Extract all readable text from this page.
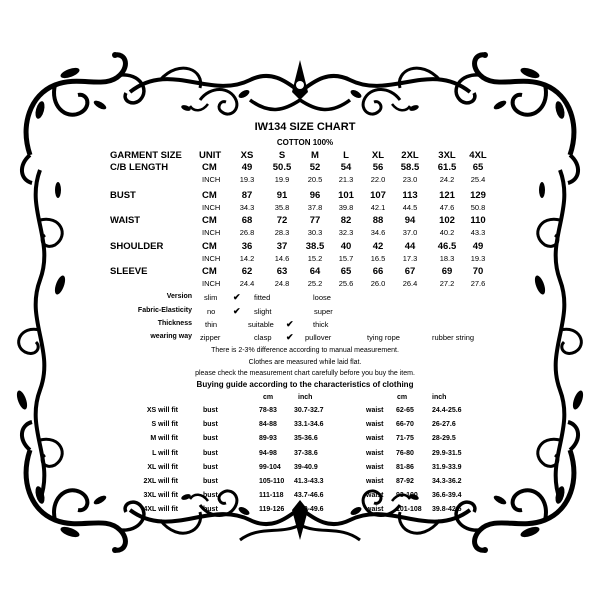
IW134 SIZE CHART
COTTON 100%
GARMENT SIZE UNIT XS	S	M	L XL 2XL 3XL 4XL
C/B LENGTH	CM	49 50.5 52 54 56 58.5 61.5 65
INCH	19.3	19.9 20.5 21.3 22.0 23.0	24.2 25.4
BUST	CM	87	91 96 101 107 113 121 129
INCH	34.3	35.8 37.8 39.8 42.1 44.5	47.6 50.8
WAIST	CM	68	72 77 82 88 94	102 110
INCH	26.8	28.3 30.3 32.3 34.6 37.0	40.2 43.3
SHOULDER	CM	36	37 38.5 40 42 44 46.5 49
INCH	14.2	14.6 15.2 15.7 16.5 17.3	18.3 19.3
SLEEVE	CM	62	63 64 65 66 67	69 70
INCH	24.4	24.8 25.2 25.6 26.0 26.4	27.2 27.6
Version slim ✔ fitted	loose
Fabric-Elasticity no ✔ slight	super
Thickness thin	suitable ✔	thick
wearing way zipper	clasp ✔ pullover	tying rope	rubber string
There is 2-3% difference according to manual measurement.
Clothes are measured while laid flat.
please check the measurement chart carefully before you buy the item.
Buying guide according to the characteristics of clothing
cm	inch	cm	inch
XS will fit	bust	78-83 30.7-32.7	waist 62-65	24.4-25.6
S will fit	bust	84-88 33.1-34.6	waist 66-70	26-27.6
M will fit	bust	89-93 35-36.6	waist 71-75	28-29.5
L will fit	bust	94-98 37-38.6	waist 76-80	29.9-31.5
XL will fit	bust	99-104 39-40.9	waist 81-86	31.9-33.9
2XL will fit	bust	105-110 41.3-43.3	waist 87-92	34.3-36.2
3XL will fit	bust	111-118 43.7-46.6	waist 93-100 36.6-39.4
4XL will fit	bust	119-126 46.9-49.6	waist 101-108 39.8-42.5
